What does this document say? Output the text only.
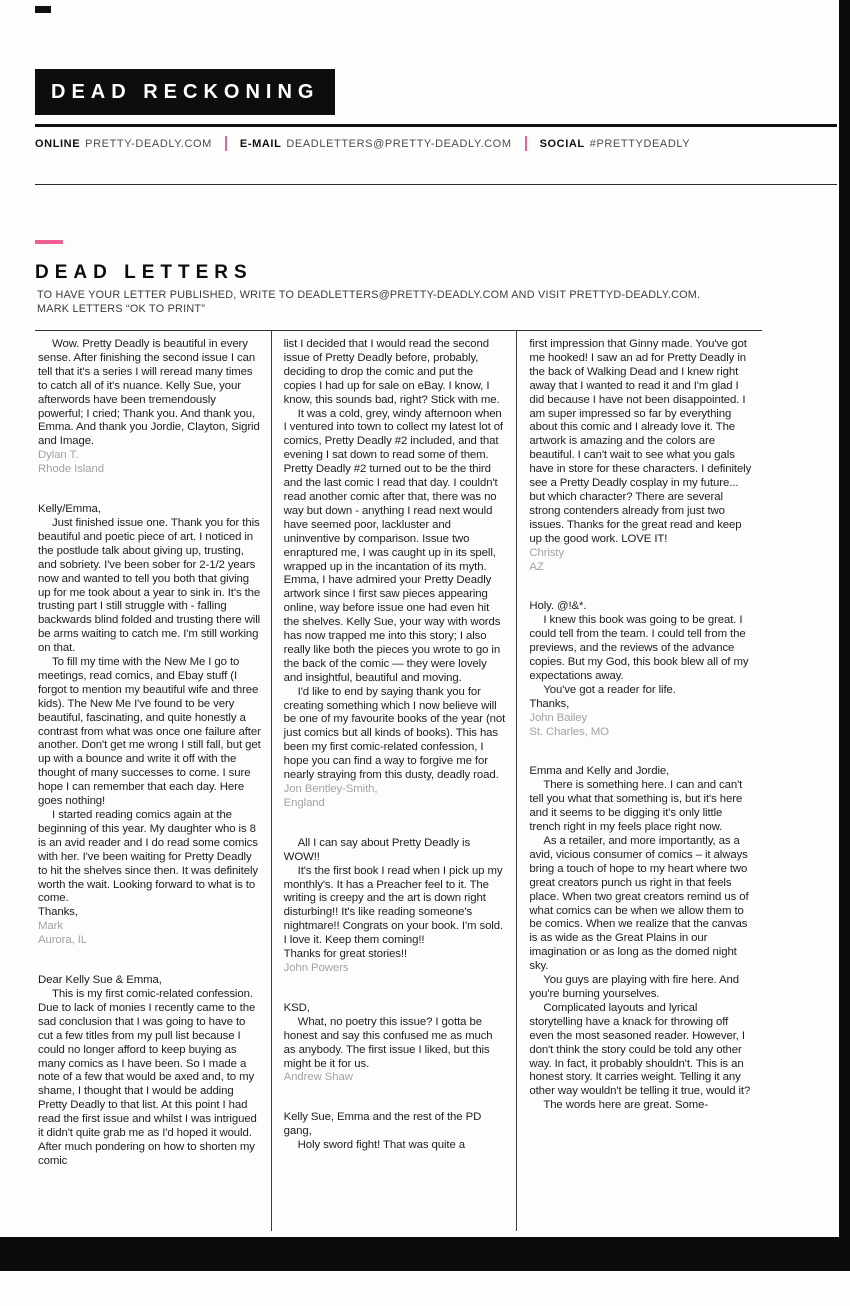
DEAD RECKONING
ONLINE PRETTY-DEADLY.COM	E-MAIL DEADLETTERS@PRETTY-DEADLY.COM	SOCIAL #PRETTYDEADLY
DEAD LETTERS
TO HAVE YOUR LETTER PUBLISHED, WRITE TO DEADLETTERS@PRETTY-DEADLY.COM AND VISIT PRETTYD-DEADLY.COM.
MARK LETTERS “OK TO PRINT”

Wow. Pretty Deadly is beautiful in every sense. After finishing the second issue I can tell that it's a series I will reread many times to catch all of it's nuance. Kelly Sue, your afterwords have been tremendously powerful; I cried; Thank you. And thank you, Emma. And thank you Jordie, Clayton, Sigrid and Image.

Dylan T.

Rhode Island

Kelly/Emma,

Just finished issue one. Thank you for this beautiful and poetic piece of art. I noticed in the postlude talk about giving up, trusting, and sobriety. I've been sober for 2-1/2 years now and wanted to tell you both that giving up for me took about a year to sink in. It's the trusting part I still struggle with - falling backwards blind folded and trusting there will be arms waiting to catch me. I'm still working on that.

To fill my time with the New Me I go to meetings, read comics, and Ebay stuff (I forgot to mention my beautiful wife and three kids). The New Me I've found to be very beautiful, fascinating, and quite honestly a contrast from what was once one failure after another. Don't get me wrong I still fall, but get up with a bounce and write it off with the thought of many successes to come. I sure hope I can remember that each day. Here goes nothing!

I started reading comics again at the beginning of this year. My daughter who is 8 is an avid reader and I do read some comics with her. I've been waiting for Pretty Deadly to hit the shelves since then. It was definitely worth the wait. Looking forward to what is to come.

Thanks,

Mark

Aurora, IL

Dear Kelly Sue & Emma,

This is my first comic-related confession. Due to lack of monies I recently came to the sad conclusion that I was going to have to cut a few titles from my pull list because I could no longer afford to keep buying as many comics as I have been. So I made a note of a few that would be axed and, to my shame, I thought that I would be adding Pretty Deadly to that list. At this point I had read the first issue and whilst I was intrigued it didn't quite grab me as I'd hoped it would. After much pondering on how to shorten my comic

list I decided that I would read the second issue of Pretty Deadly before, probably, deciding to drop the comic and put the copies I had up for sale on eBay. I know, I know, this sounds bad, right? Stick with me.

It was a cold, grey, windy afternoon when I ventured into town to collect my latest lot of comics, Pretty Deadly #2 included, and that evening I sat down to read some of them. Pretty Deadly #2 turned out to be the third and the last comic I read that day. I couldn't read another comic after that, there was no way but down - anything I read next would have seemed poor, lackluster and uninventive by comparison. Issue two enraptured me, I was caught up in its spell, wrapped up in the incantation of its myth. Emma, I have admired your Pretty Deadly artwork since I first saw pieces appearing online, way before issue one had even hit the shelves. Kelly Sue, your way with words has now trapped me into this story; I also really like both the pieces you wrote to go in the back of the comic — they were lovely and insightful, beautiful and moving.

I'd like to end by saying thank you for creating something which I now believe will be one of my favourite books of the year (not just comics but all kinds of books). This has been my first comic-related confession, I hope you can find a way to forgive me for nearly straying from this dusty, deadly road.

Jon Bentley-Smith,

England

All I can say about Pretty Deadly is WOW!!

It's the first book I read when I pick up my monthly's. It has a Preacher feel to it. The writing is creepy and the art is down right disturbing!! It's like reading someone's nightmare!! Congrats on your book. I'm sold. I love it. Keep them coming!!

Thanks for great stories!!

John Powers

KSD,

What, no poetry this issue? I gotta be honest and say this confused me as much as anybody. The first issue I liked, but this might be it for us.

Andrew Shaw

Kelly Sue, Emma and the rest of the PD gang,

Holy sword fight! That was quite a

first impression that Ginny made. You've got me hooked! I saw an ad for Pretty Deadly in the back of Walking Dead and I knew right away that I wanted to read it and I'm glad I did because I have not been disappointed. I am super impressed so far by everything about this comic and I already love it. The artwork is amazing and the colors are beautiful. I can't wait to see what you gals have in store for these characters. I definitely see a Pretty Deadly cosplay in my future... but which character? There are several strong contenders already from just two issues. Thanks for the great read and keep up the good work. LOVE IT!

Christy

AZ

Holy. @!&*.

I knew this book was going to be great. I could tell from the team. I could tell from the previews, and the reviews of the advance copies. But my God, this book blew all of my expectations away.

You've got a reader for life.

Thanks,

John Bailey

St. Charles, MO

Emma and Kelly and Jordie,

There is something here. I can and can't tell you what that something is, but it's here and it seems to be digging it's only little trench right in my feels place right now.

As a retailer, and more importantly, as a avid, vicious consumer of comics – it always bring a touch of hope to my heart where two great creators punch us right in that feels place. When two great creators remind us of what comics can be when we allow them to be comics. When we realize that the canvas is as wide as the Great Plains in our imagination or as long as the domed night sky.

You guys are playing with fire here. And you're burning yourselves.

Complicated layouts and lyrical storytelling have a knack for throwing off even the most seasoned reader. However, I don't think the story could be told any other way. In fact, it probably shouldn't. This is an honest story. It carries weight. Telling it any other way wouldn't be telling it true, would it?

The words here are great. Some-
